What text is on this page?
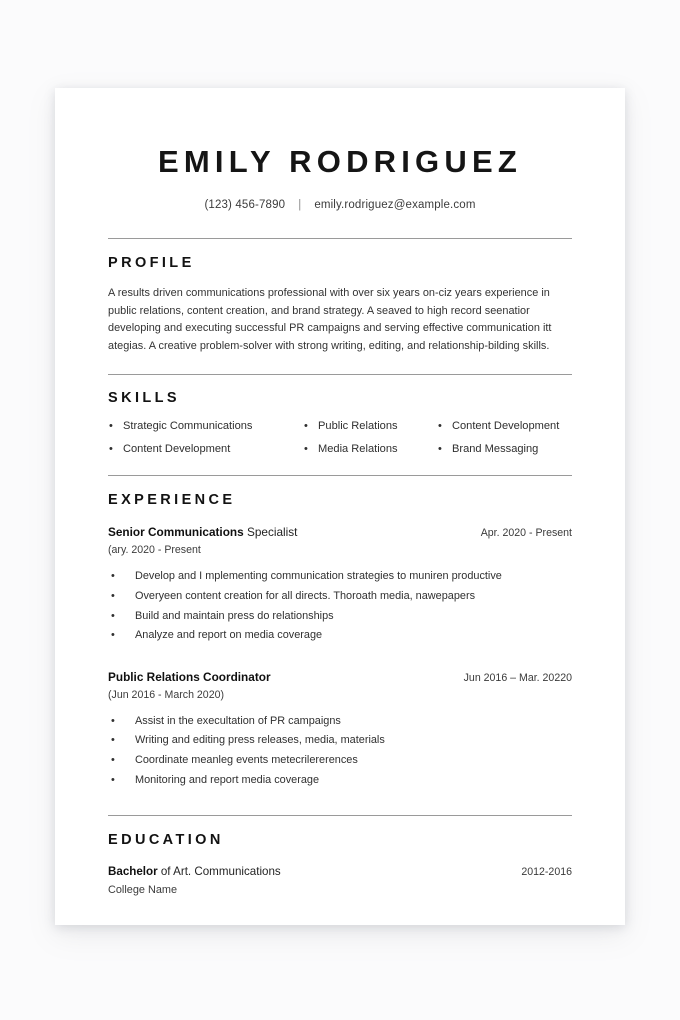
EMILY RODRIGUEZ
(123) 456-7890 | emily.rodriguez@example.com
PROFILE
A results driven communications professional with over six years on-ciz years experience in public relations, content creation, and brand strategy. A seaved to high record seenatior developing and executing successful PR campaigns and serving effective communication itt ategias. A creative problem-solver with strong writing, editing, and relationship-bilding skills.
SKILLS
• Strategic Communications	• Public Relations	• Content Development
• Content Development	• Media Relations	• Brand Messaging
EXPERIENCE
Senior Communications Specialist	Apr. 2020 - Present
(ary. 2020 - Present
• Develop and I mplementing communication strategies to muniren productive
• Overyeen content creation for all directs. Thoroath media, nawepapers
• Build and maintain press do relationships
• Analyze and report on media coverage
Public Relations Coordinator	Jun 2016 – Mar. 20220
(Jun 2016 - March 2020)
• Assist in the execultation of PR campaigns
• Writing and editing press releases, media, materials
• Coordinate meanleg events metecrilererences
• Monitoring and report media coverage
EDUCATION
Bachelor of Art. Communications	2012-2016
College Name
